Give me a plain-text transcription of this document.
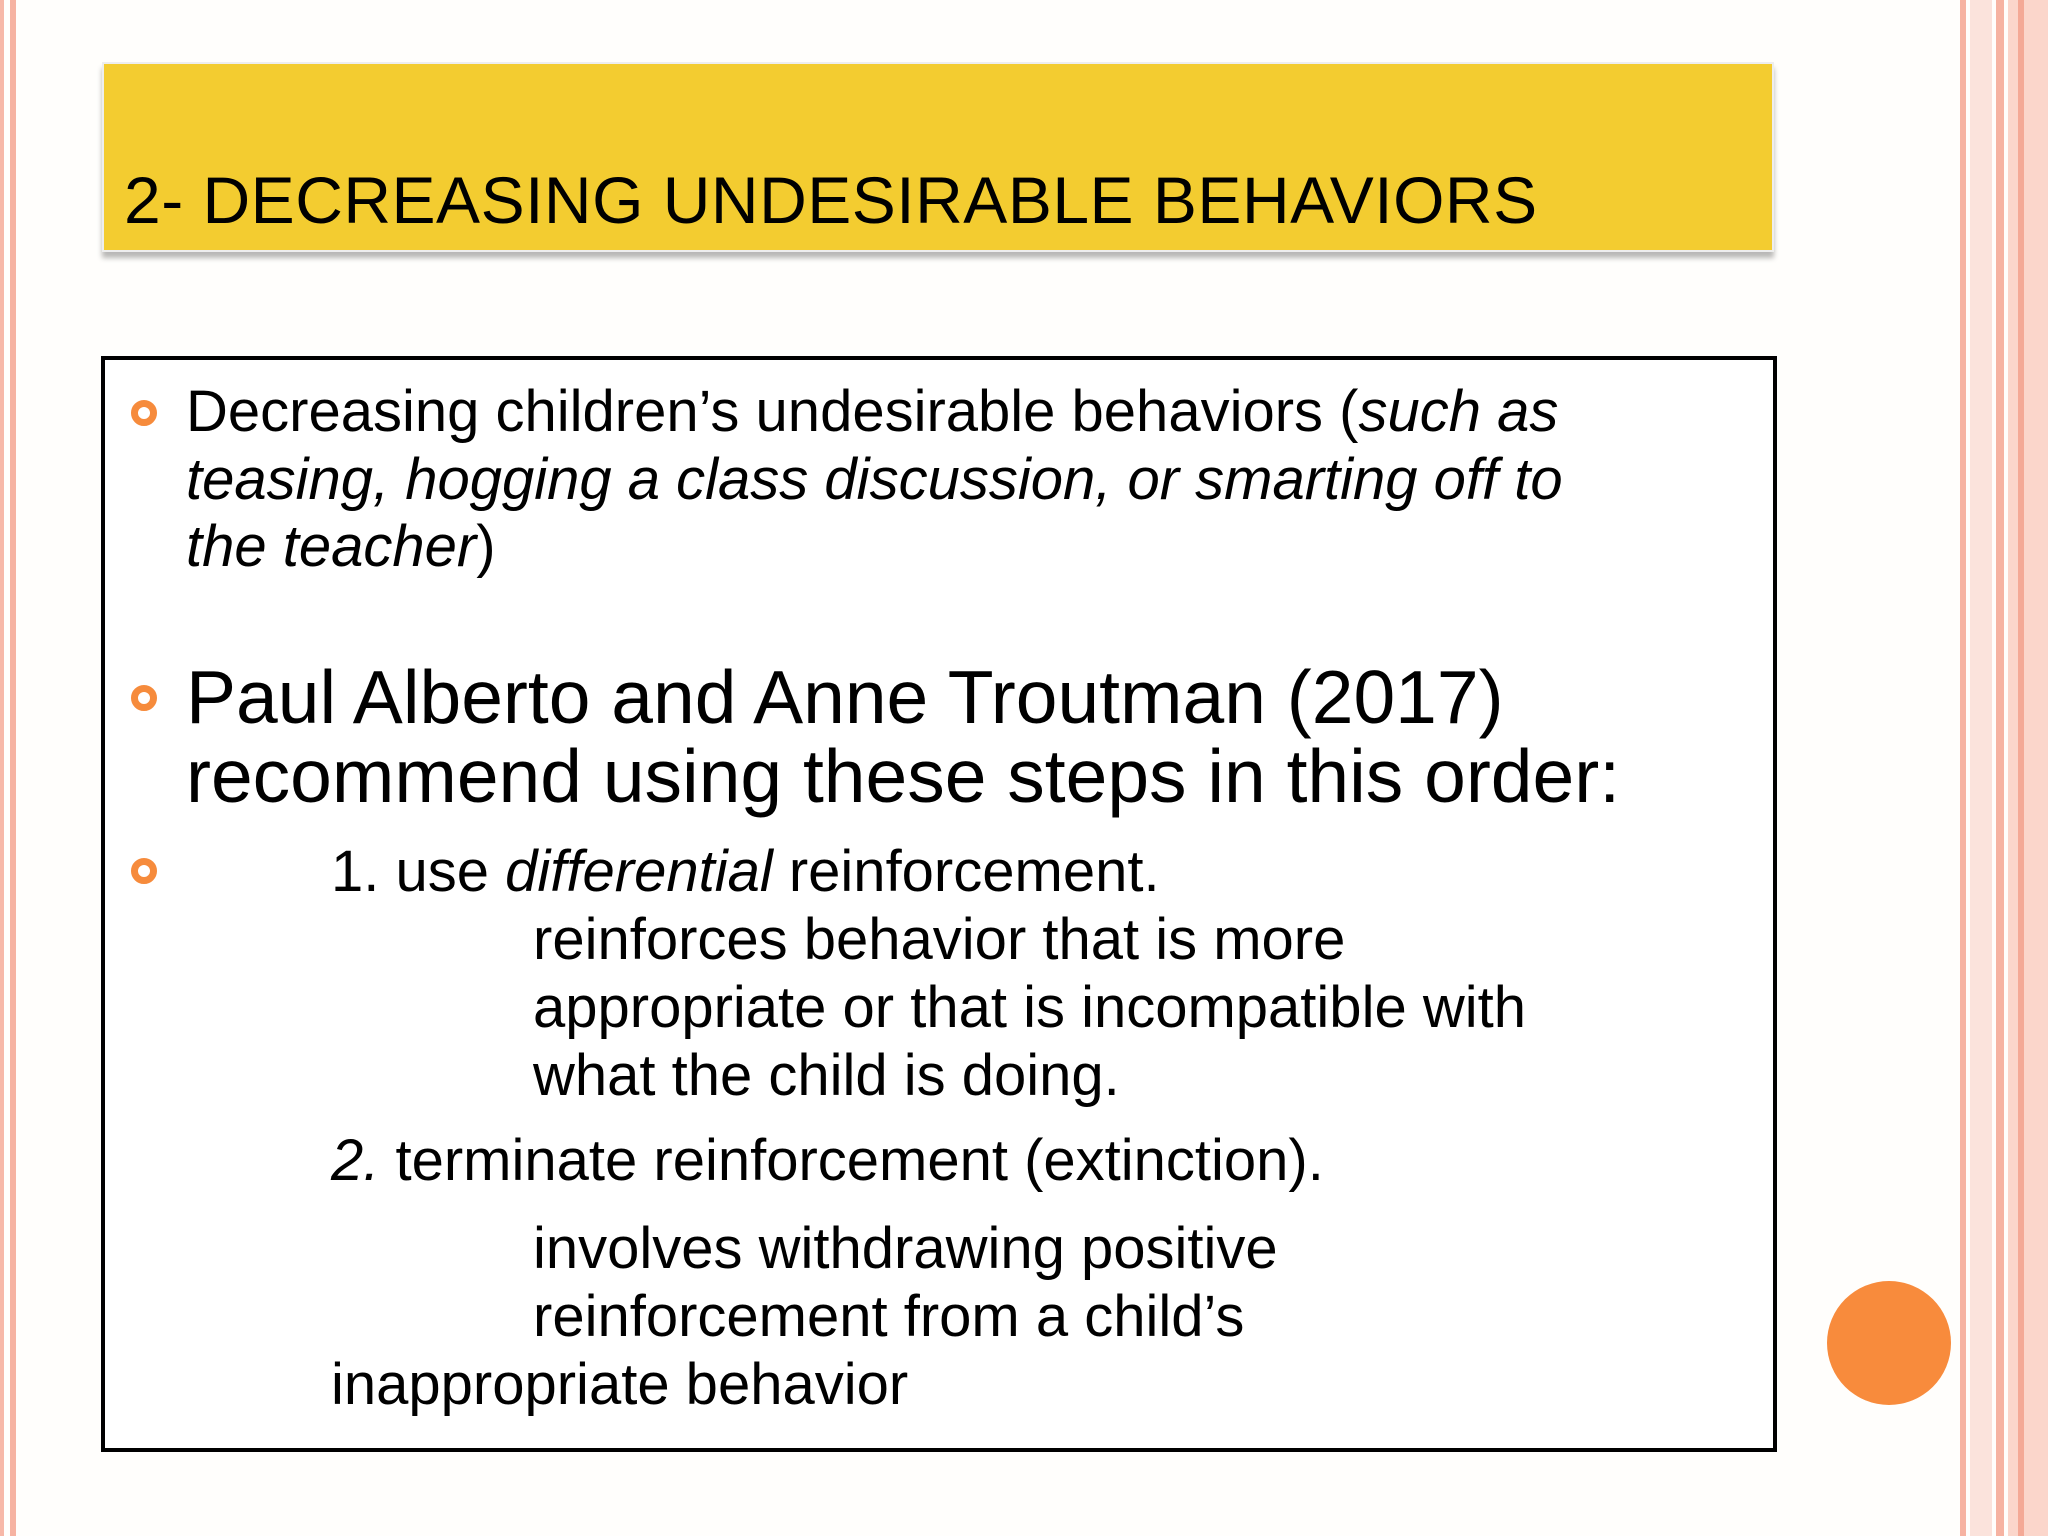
2- DECREASING UNDESIRABLE BEHAVIORS
Decreasing children’s undesirable behaviors (such as
teasing, hogging a class discussion, or smarting off to
the teacher)
Paul Alberto and Anne Troutman (2017)
recommend using these steps in this order:
1. use differential reinforcement.
reinforces behavior that is more
appropriate or that is incompatible with
what the child is doing.
2. terminate reinforcement (extinction).
involves withdrawing positive
reinforcement from a child’s
inappropriate behavior
